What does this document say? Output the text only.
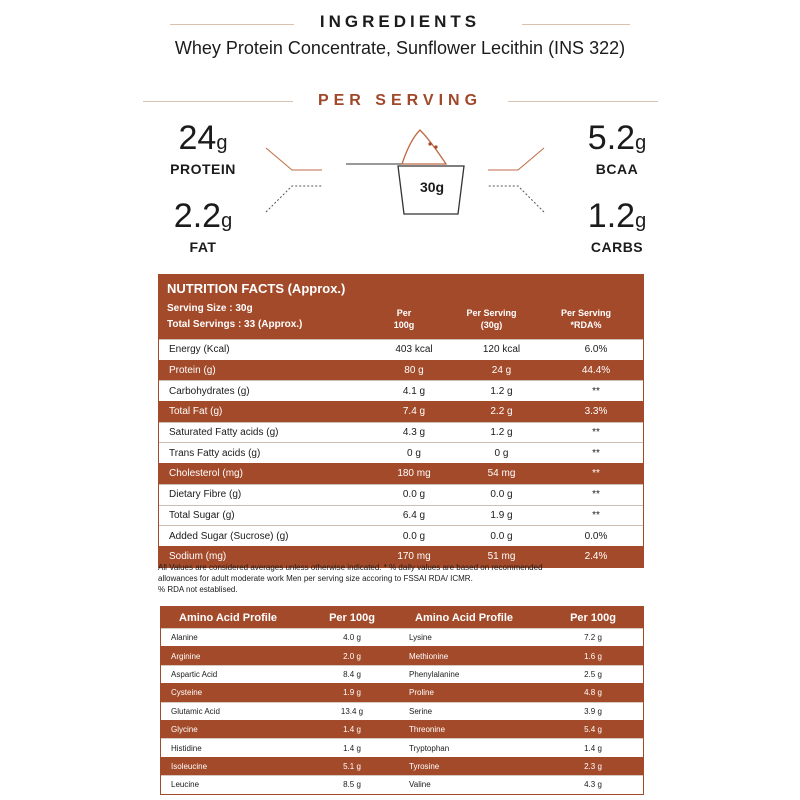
INGREDIENTS
Whey Protein Concentrate, Sunflower Lecithin (INS 322)
PER SERVING
24g
PROTEIN
2.2g
FAT
5.2g
BCAA
1.2g
CARBS
30g
NUTRITION FACTS (Approx.)
Serving Size : 30g
Total Servings : 33 (Approx.)
Per
100g
Per Serving
(30g)
Per Serving
*RDA%
Energy (Kcal)	403 kcal	120 kcal	6.0%
Protein (g)	80 g	24 g	44.4%
Carbohydrates (g)	4.1 g	1.2 g	**
Total Fat (g)	7.4 g	2.2 g	3.3%
Saturated Fatty acids (g)	4.3 g	1.2 g	**
Trans Fatty acids (g)	0 g	0 g	**
Cholesterol (mg)	180 mg	54 mg	**
Dietary Fibre (g)	0.0 g	0.0 g	**
Total Sugar (g)	6.4 g	1.9 g	**
Added Sugar (Sucrose) (g)	0.0 g	0.0 g	0.0%
Sodium (mg)	170 mg	51 mg	2.4%
All Values are considered averages unless otherwise indicated. * % daily values are based on recommended
allowances for adult moderate work Men per serving size accoring to FSSAI RDA/ ICMR.
% RDA not establised.
Amino Acid Profile	Per 100g	Amino Acid Profile	Per 100g
Alanine	4.0 g	Lysine	7.2 g
Arginine	2.0 g	Methionine	1.6 g
Aspartic Acid	8.4 g	Phenylalanine	2.5 g
Cysteine	1.9 g	Proline	4.8 g
Glutamic Acid	13.4 g	Serine	3.9 g
Glycine	1.4 g	Threonine	5.4 g
Histidine	1.4 g	Tryptophan	1.4 g
Isoleucine	5.1 g	Tyrosine	2.3 g
Leucine	8.5 g	Valine	4.3 g
